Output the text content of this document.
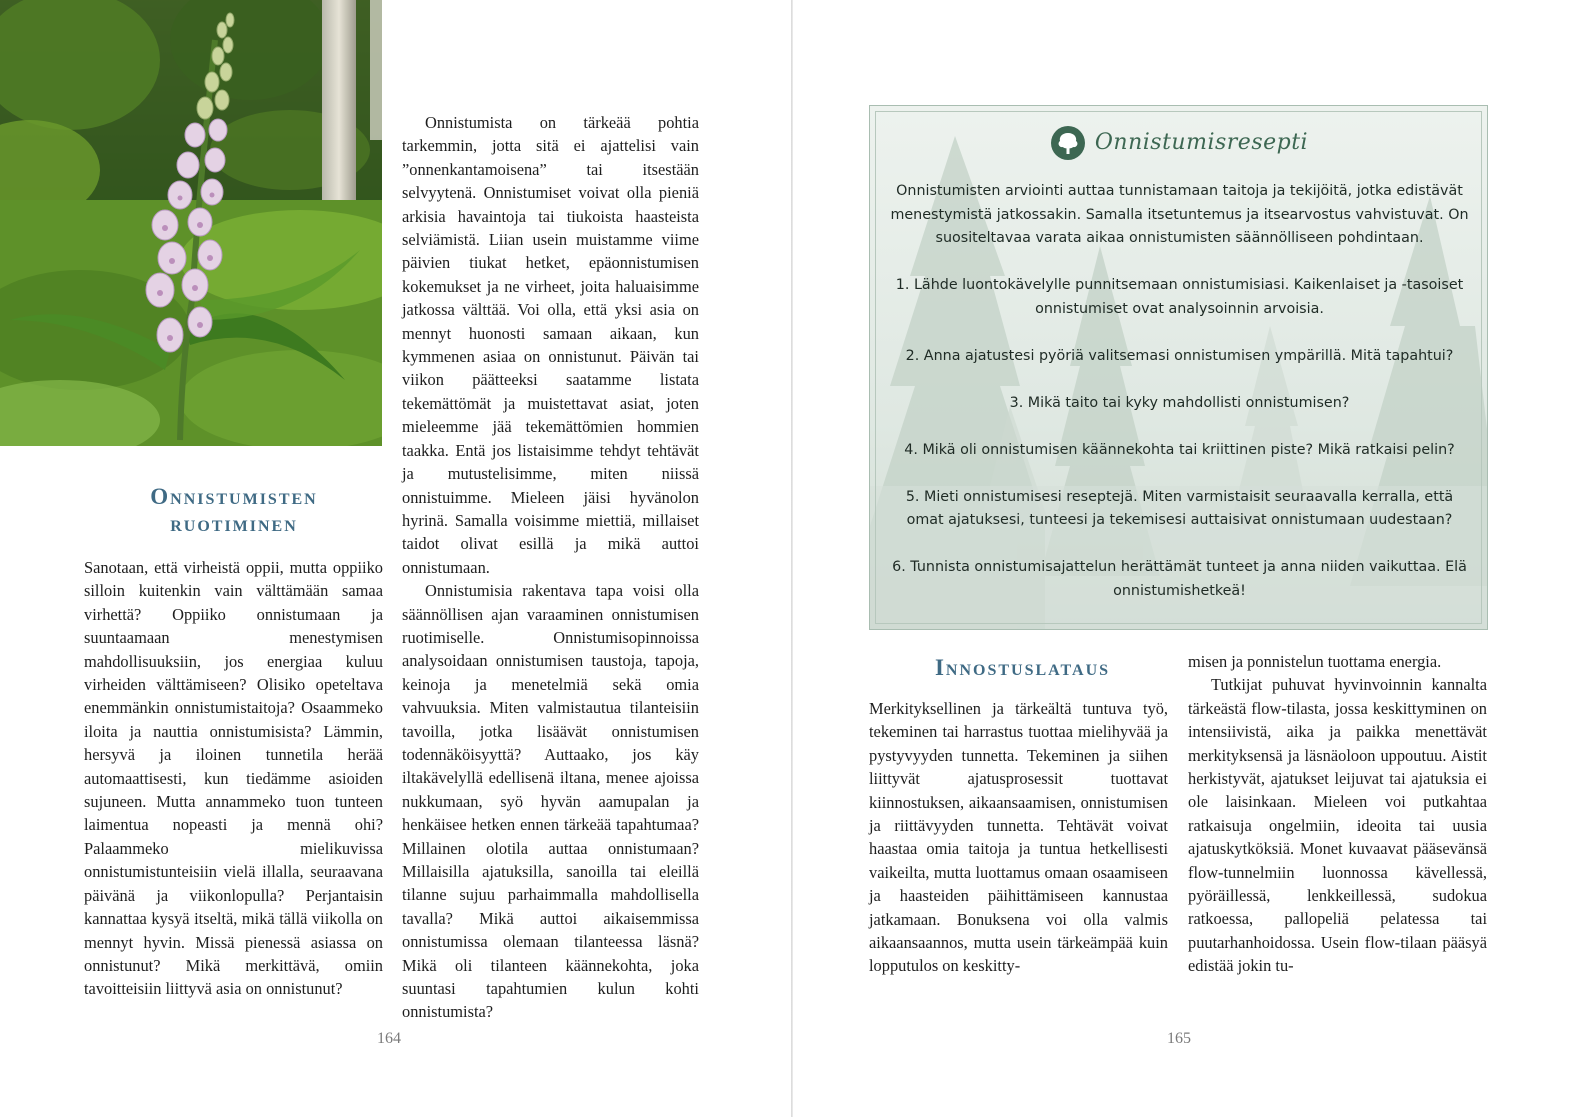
Onnistumisten
ruotiminen

Sanotaan, että virheistä oppii, mutta oppiiko silloin kuitenkin vain välttämään samaa virhettä? Oppiiko onnistumaan ja suuntaamaan menestymisen mahdollisuuksiin, jos energiaa kuluu virheiden välttämiseen? Olisiko opeteltava enemmänkin onnistumistaitoja? Osaammeko iloita ja nauttia onnistumisista? Lämmin, hersyvä ja iloinen tunnetila herää automaattisesti, kun tiedämme asioiden sujuneen. Mutta annammeko tuon tunteen laimentua nopeasti ja mennä ohi? Palaammeko mielikuvissa onnistumistunteisiin vielä illalla, seuraavana päivänä ja viikonlopulla? Perjantaisin kannattaa kysyä itseltä, mikä tällä viikolla on mennyt hyvin. Missä pienessä asiassa on onnistunut? Mikä merkittävä, omiin tavoitteisiin liittyvä asia on onnistunut?

Onnistumista on tärkeää pohtia tarkemmin, jotta sitä ei ajattelisi vain ”onnenkantamoisena” tai itsestään selvyytenä. Onnistumiset voivat olla pieniä arkisia havaintoja tai tiukoista haasteista selviämistä. Liian usein muistamme viime päivien tiukat hetket, epäonnistumisen kokemukset ja ne virheet, joita haluaisimme jatkossa välttää. Voi olla, että yksi asia on mennyt huonosti samaan aikaan, kun kymmenen asiaa on onnistunut. Päivän tai viikon päätteeksi saatamme listata tekemättömät ja muistettavat asiat, joten mieleemme jää tekemättömien hommien taakka. Entä jos listaisimme tehdyt tehtävät ja mutustelisimme, miten niissä onnistuimme. Mieleen jäisi hyvänolon hyrinä. Samalla voisimme miettiä, millaiset taidot olivat esillä ja mikä auttoi onnistumaan.

Onnistumisia rakentava tapa voisi olla säännöllisen ajan varaaminen onnistumisen ruotimiselle. Onnistumisopinnoissa analysoidaan onnistumisen taustoja, tapoja, keinoja ja menetelmiä sekä omia vahvuuksia. Miten valmistautua tilanteisiin tavoilla, jotka lisäävät onnistumisen todennäköisyyttä? Auttaako, jos käy iltakävelyllä edellisenä iltana, menee ajoissa nukkumaan, syö hyvän aamupalan ja henkäisee hetken ennen tärkeää tapahtumaa? Millainen olotila auttaa onnistumaan? Millaisilla ajatuksilla, sanoilla tai eleillä tilanne sujuu parhaimmalla mahdollisella tavalla? Mikä auttoi aikaisemmissa onnistumissa olemaan tilanteessa läsnä? Mikä oli tilanteen käännekohta, joka suuntasi tapahtumien kulun kohti onnistumista?

164
Onnistumisresepti

Onnistumisten arviointi auttaa tunnistamaan taitoja ja tekijöitä, jotka edistävät menestymistä jatkossakin. Samalla itsetuntemus ja itsearvostus vahvistuvat. On suositeltavaa varata aikaa onnistumisten säännölliseen pohdintaan.

1. Lähde luontokävelylle punnitsemaan onnistumisiasi. Kaikenlaiset ja -tasoiset onnistumiset ovat analysoinnin arvoisia.
2. Anna ajatustesi pyöriä valitsemasi onnistumisen ympärillä. Mitä tapahtui?
3. Mikä taito tai kyky mahdollisti onnistumisen?
4. Mikä oli onnistumisen käännekohta tai kriittinen piste? Mikä ratkaisi pelin?
5. Mieti onnistumisesi reseptejä. Miten varmistaisit seuraavalla kerralla, että omat ajatuksesi, tunteesi ja tekemisesi auttaisivat onnistumaan uudestaan?
6. Tunnista onnistumisajattelun herättämät tunteet ja anna niiden vaikuttaa. Elä onnistumishetkeä!
Innostuslataus

Merkityksellinen ja tärkeältä tuntuva työ, tekeminen tai harrastus tuottaa mielihyvää ja pystyvyyden tunnetta. Tekeminen ja siihen liittyvät ajatusprosessit tuottavat kiinnostuksen, aikaansaamisen, onnistumisen ja riittävyyden tunnetta. Tehtävät voivat haastaa omia taitoja ja tuntua hetkellisesti vaikeilta, mutta luottamus omaan osaamiseen ja haasteiden päihittämiseen kannustaa jatkamaan. Bonuksena voi olla valmis aikaansaannos, mutta usein tärkeämpää kuin lopputulos on keskitty-

misen ja ponnistelun tuottama energia.

Tutkijat puhuvat hyvinvoinnin kannalta tärkeästä flow-tilasta, jossa keskittyminen on intensiivistä, aika ja paikka menettävät merkityksensä ja läsnäoloon uppoutuu. Aistit herkistyvät, ajatukset leijuvat tai ajatuksia ei ole laisinkaan. Mieleen voi putkahtaa ratkaisuja ongelmiin, ideoita tai uusia ajatuskytköksiä. Monet kuvaavat pääsevänsä flow-tunnelmiin luonnossa kävellessä, pyöräillessä, lenkkeillessä, sudokua ratkoessa, pallopeliä pelatessa tai puutarhanhoidossa. Usein flow-tilaan pääsyä edistää jokin tu-

165
